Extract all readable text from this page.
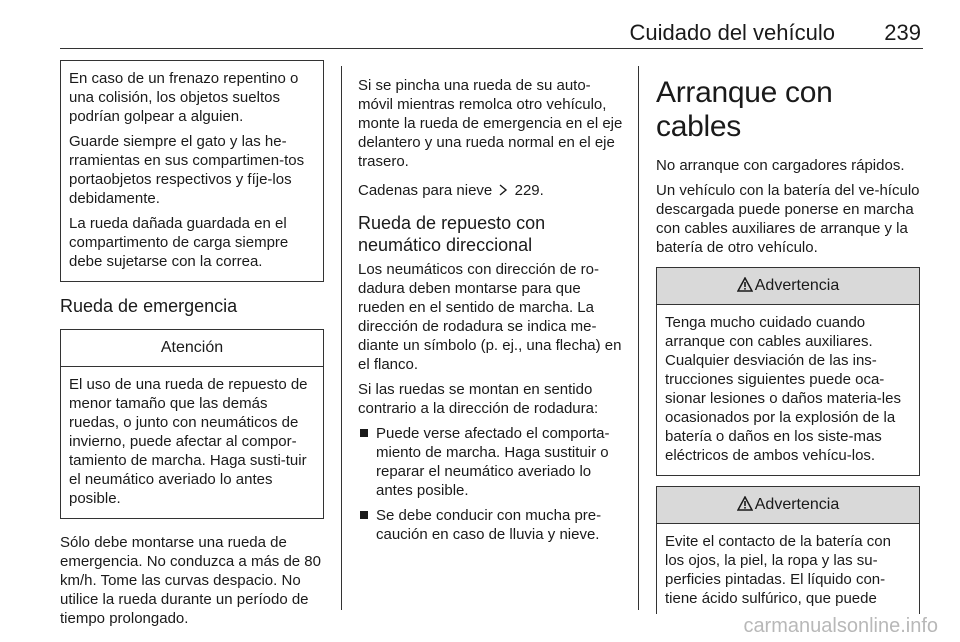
Cuidado del vehículo 239

En caso de un frenazo repentino o una colisión, los objetos sueltos podrían golpear a alguien.

Guarde siempre el gato y las he-rramientas en sus compartimen-tos portaobjetos respectivos y fíje-los debidamente.

La rueda dañada guardada en el compartimento de carga siempre debe sujetarse con la correa.

Rueda de emergencia
Atención

El uso de una rueda de repuesto de menor tamaño que las demás ruedas, o junto con neumáticos de invierno, puede afectar al compor-tamiento de marcha. Haga susti-tuir el neumático averiado lo antes posible.

Sólo debe montarse una rueda de emergencia. No conduzca a más de 80 km/h. Tome las curvas despacio. No utilice la rueda durante un período de tiempo prolongado.

Si se pincha una rueda de su auto-móvil mientras remolca otro vehículo, monte la rueda de emergencia en el eje delantero y una rueda normal en el eje trasero.

Cadenas para nieve 229.

Rueda de repuesto con neumático direccional

Los neumáticos con dirección de ro-dadura deben montarse para que rueden en el sentido de marcha. La dirección de rodadura se indica me-diante un símbolo (p. ej., una flecha) en el flanco.

Si las ruedas se montan en sentido contrario a la dirección de rodadura:

Puede verse afectado el comporta-miento de marcha. Haga sustituir o reparar el neumático averiado lo antes posible.
Se debe conducir con mucha pre-caución en caso de lluvia y nieve.
Arranque con cables

No arranque con cargadores rápidos.

Un vehículo con la batería del ve-hículo descargada puede ponerse en marcha con cables auxiliares de arranque y la batería de otro vehículo.

Advertencia

Tenga mucho cuidado cuando arranque con cables auxiliares. Cualquier desviación de las ins-trucciones siguientes puede oca-sionar lesiones o daños materia-les ocasionados por la explosión de la batería o daños en los siste-mas eléctricos de ambos vehícu-los.

Advertencia

Evite el contacto de la batería con los ojos, la piel, la ropa y las su-perficies pintadas. El líquido con-tiene ácido sulfúrico, que puede

carmanualsonline.info
